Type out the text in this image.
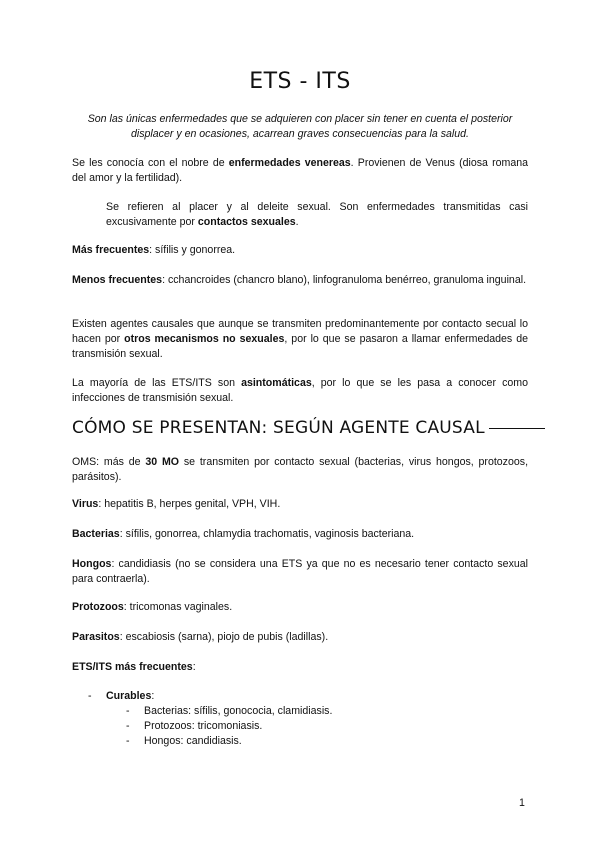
ETS - ITS
Son las únicas enfermedades que se adquieren con placer sin tener en cuenta el posterior displacer y en ocasiones, acarrean graves consecuencias para la salud.

Se les conocía con el nobre de enfermedades venereas. Provienen de Venus (diosa romana del amor y la fertilidad).

Se refieren al placer y al deleite sexual. Son enfermedades transmitidas casi excusivamente por contactos sexuales.

Más frecuentes: sífilis y gonorrea.

Menos frecuentes: cchancroides (chancro blano), linfogranuloma benérreo, granuloma inguinal.

Existen agentes causales que aunque se transmiten predominantemente por contacto secual lo hacen por otros mecanismos no sexuales, por lo que se pasaron a llamar enfermedades de transmisión sexual.

La mayoría de las ETS/ITS son asintomáticas, por lo que se les pasa a conocer como infecciones de transmisión sexual.

CÓMO SE PRESENTAN: SEGÚN AGENTE CAUSAL

OMS: más de 30 MO se transmiten por contacto sexual (bacterias, virus hongos, protozoos, parásitos).

Virus: hepatitis B, herpes genital, VPH, VIH.

Bacterias: sífilis, gonorrea, chlamydia trachomatis, vaginosis bacteriana.

Hongos: candidiasis (no se considera una ETS ya que no es necesario tener contacto sexual para contraerla).

Protozoos: tricomonas vaginales.

Parasitos: escabiosis (sarna), piojo de pubis (ladillas).

ETS/ITS más frecuentes:

- Curables:
- Bacterias: sífilis, gonococia, clamidiasis.
- Protozoos: tricomoniasis.
- Hongos: candidiasis.
1
